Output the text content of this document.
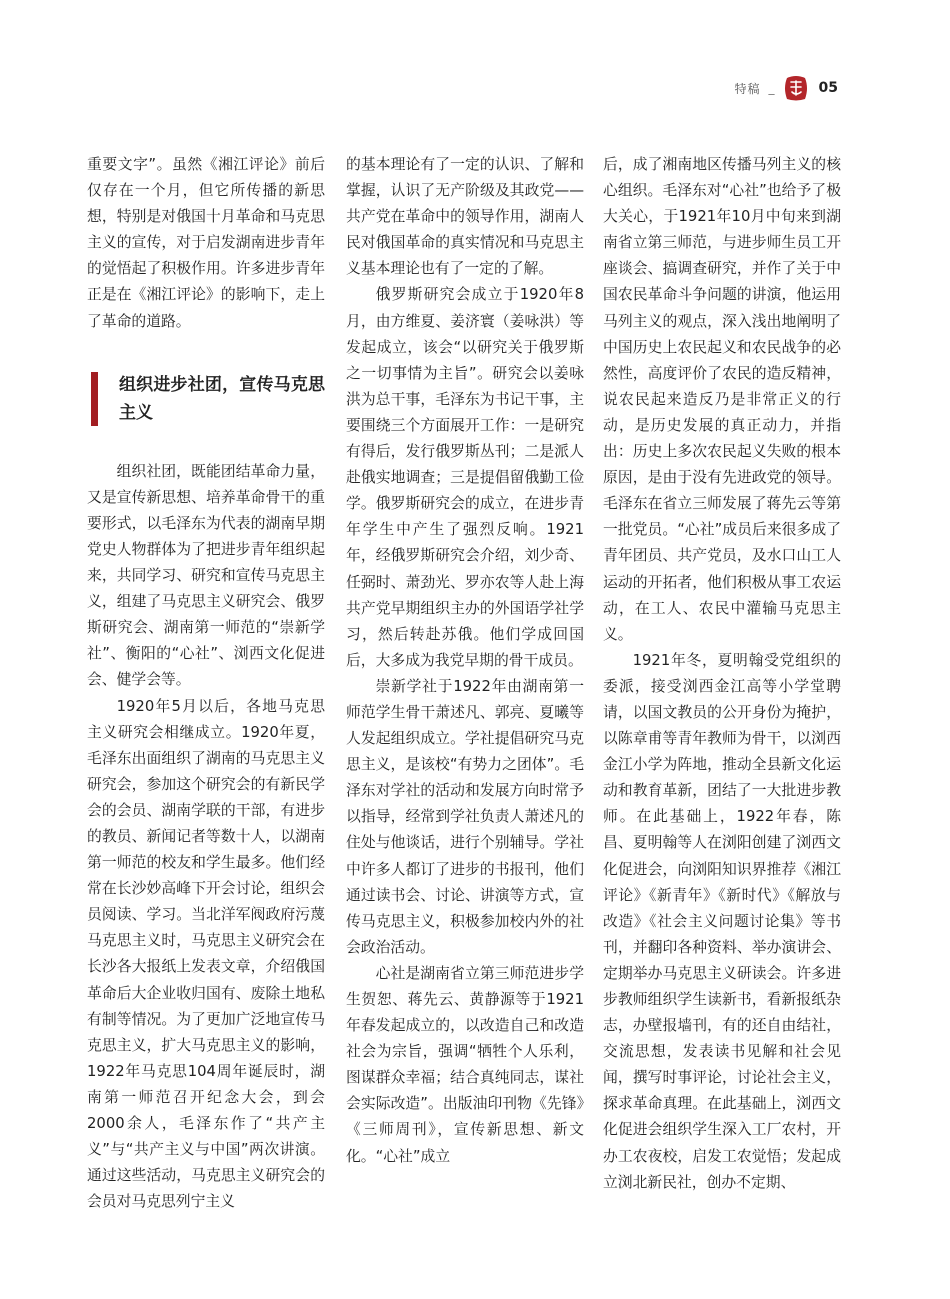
特稿 _	05

重要文字”。虽然《湘江评论》前后仅存在一个月，但它所传播的新思想，特别是对俄国十月革命和马克思主义的宣传，对于启发湖南进步青年的觉悟起了积极作用。许多进步青年正是在《湘江评论》的影响下，走上了革命的道路。

组织进步社团，宣传马克思主义

组织社团，既能团结革命力量，又是宣传新思想、培养革命骨干的重要形式，以毛泽东为代表的湖南早期党史人物群体为了把进步青年组织起来，共同学习、研究和宣传马克思主义，组建了马克思主义研究会、俄罗斯研究会、湖南第一师范的“崇新学社”、衡阳的“心社”、浏西文化促进会、健学会等。

1920年5月以后，各地马克思主义研究会相继成立。1920年夏，毛泽东出面组织了湖南的马克思主义研究会，参加这个研究会的有新民学会的会员、湖南学联的干部，有进步的教员、新闻记者等数十人，以湖南第一师范的校友和学生最多。他们经常在长沙妙高峰下开会讨论，组织会员阅读、学习。当北洋军阀政府污蔑马克思主义时，马克思主义研究会在长沙各大报纸上发表文章，介绍俄国革命后大企业收归国有、废除土地私有制等情况。为了更加广泛地宣传马克思主义，扩大马克思主义的影响，1922年马克思104周年诞辰时，湖南第一师范召开纪念大会，到会2000余人，毛泽东作了“共产主义”与“共产主义与中国”两次讲演。通过这些活动，马克思主义研究会的会员对马克思列宁主义

的基本理论有了一定的认识、了解和掌握，认识了无产阶级及其政党——共产党在革命中的领导作用，湖南人民对俄国革命的真实情况和马克思主义基本理论也有了一定的了解。

俄罗斯研究会成立于1920年8月，由方维夏、姜济寰（姜咏洪）等发起成立，该会“以研究关于俄罗斯之一切事情为主旨”。研究会以姜咏洪为总干事，毛泽东为书记干事，主要围绕三个方面展开工作：一是研究有得后，发行俄罗斯丛刊；二是派人赴俄实地调查；三是提倡留俄勤工俭学。俄罗斯研究会的成立，在进步青年学生中产生了强烈反响。1921年，经俄罗斯研究会介绍，刘少奇、任弼时、萧劲光、罗亦农等人赴上海共产党早期组织主办的外国语学社学习，然后转赴苏俄。他们学成回国后，大多成为我党早期的骨干成员。

崇新学社于1922年由湖南第一师范学生骨干萧述凡、郭亮、夏曦等人发起组织成立。学社提倡研究马克思主义，是该校“有势力之团体”。毛泽东对学社的活动和发展方向时常予以指导，经常到学社负责人萧述凡的住处与他谈话，进行个别辅导。学社中许多人都订了进步的书报刊，他们通过读书会、讨论、讲演等方式，宣传马克思主义，积极参加校内外的社会政治活动。

心社是湖南省立第三师范进步学生贺恕、蒋先云、黄静源等于1921年春发起成立的，以改造自己和改造社会为宗旨，强调“牺牲个人乐利，图谋群众幸福；结合真纯同志，谋社会实际改造”。出版油印刊物《先锋》《三师周刊》，宣传新思想、新文化。“心社”成立

后，成了湘南地区传播马列主义的核心组织。毛泽东对“心社”也给予了极大关心，于1921年10月中旬来到湖南省立第三师范，与进步师生员工开座谈会、搞调查研究，并作了关于中国农民革命斗争问题的讲演，他运用马列主义的观点，深入浅出地阐明了中国历史上农民起义和农民战争的必然性，高度评价了农民的造反精神，说农民起来造反乃是非常正义的行动，是历史发展的真正动力，并指出：历史上多次农民起义失败的根本原因，是由于没有先进政党的领导。毛泽东在省立三师发展了蒋先云等第一批党员。“心社”成员后来很多成了青年团员、共产党员，及水口山工人运动的开拓者，他们积极从事工农运动，在工人、农民中灌输马克思主义。

1921年冬，夏明翰受党组织的委派，接受浏西金江高等小学堂聘请，以国文教员的公开身份为掩护，以陈章甫等青年教师为骨干，以浏西金江小学为阵地，推动全县新文化运动和教育革新，团结了一大批进步教师。在此基础上，1922年春，陈昌、夏明翰等人在浏阳创建了浏西文化促进会，向浏阳知识界推荐《湘江评论》《新青年》《新时代》《解放与改造》《社会主义问题讨论集》等书刊，并翻印各种资料、举办演讲会、定期举办马克思主义研读会。许多进步教师组织学生读新书，看新报纸杂志，办壁报墙刊，有的还自由结社，交流思想，发表读书见解和社会见闻，撰写时事评论，讨论社会主义，探求革命真理。在此基础上，浏西文化促进会组织学生深入工厂农村，开办工农夜校，启发工农觉悟；发起成立浏北新民社，创办不定期、
